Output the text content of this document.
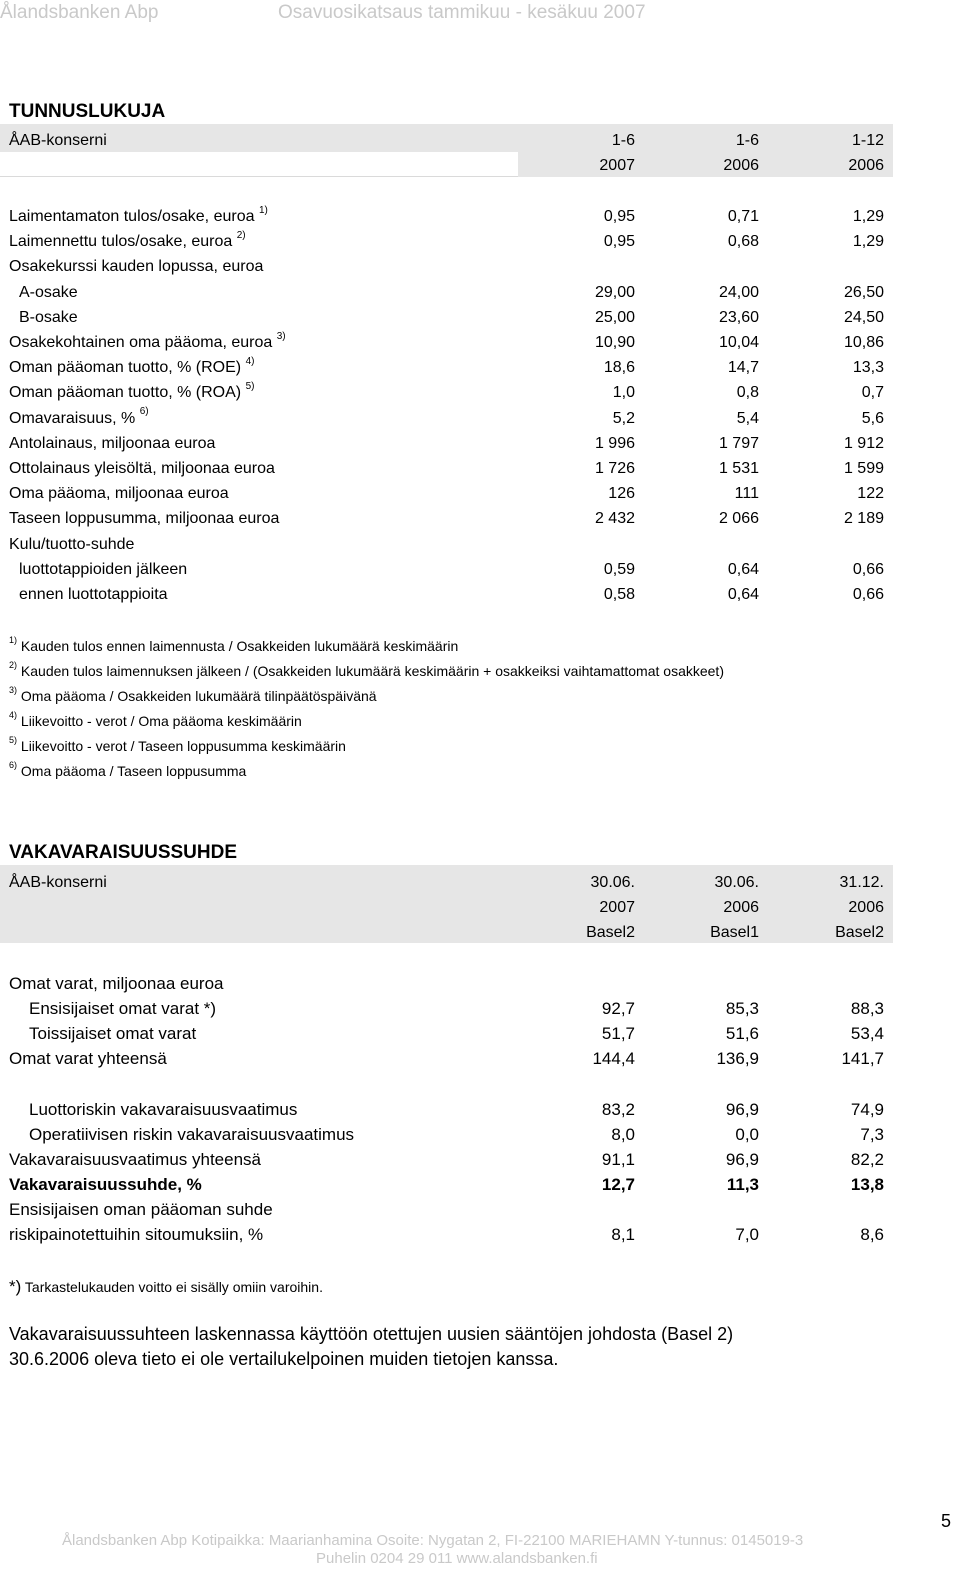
Ålandsbanken Abp	Osavuosikatsaus tammikuu - kesäkuu 2007
TUNNUSLUKUJA
ÅAB-konserni	1-6	1-6	1-12
2007	2006	2006
Laimentamaton tulos/osake, euroa $^{1)}$	0,95	0,71	1,29
Laimennettu tulos/osake, euroa $^{2)}$	0,95	0,68	1,29
Osakekurssi kauden lopussa, euroa
A-osake	29,00	24,00	26,50
B-osake	25,00	23,60	24,50
Osakekohtainen oma pääoma, euroa $^{3)}$	10,90	10,04	10,86
Oman pääoman tuotto, % (ROE) $^{4)}$	18,6	14,7	13,3
Oman pääoman tuotto, % (ROA) $^{5)}$	1,0	0,8	0,7
Omavaraisuus, % $^{6)}$	5,2	5,4	5,6
Antolainaus, miljoonaa euroa	1 996	1 797	1 912
Ottolainaus yleisöltä, miljoonaa euroa	1 726	1 531	1 599
Oma pääoma, miljoonaa euroa	126	111	122
Taseen loppusumma, miljoonaa euroa	2 432	2 066	2 189
Kulu/tuotto-suhde
luottotappioiden jälkeen	0,59	0,64	0,66
ennen luottotappioita	0,58	0,64	0,66
$^{1)}$ Kauden tulos ennen laimennusta / Osakkeiden lukumäärä keskimäärin
$^{2)}$ Kauden tulos laimennuksen jälkeen / (Osakkeiden lukumäärä keskimäärin + osakkeiksi vaihtamattomat osakkeet)
$^{3)}$ Oma pääoma / Osakkeiden lukumäärä tilinpäätöspäivänä
$^{4)}$ Liikevoitto - verot / Oma pääoma keskimäärin
$^{5)}$ Liikevoitto - verot / Taseen loppusumma keskimäärin
$^{6)}$ Oma pääoma / Taseen loppusumma
VAKAVARAISUUSSUHDE
ÅAB-konserni	30.06.	30.06.	31.12.
2007	2006	2006
Basel2	Basel1	Basel2
Omat varat, miljoonaa euroa
Ensisijaiset omat varat *)	92,7	85,3	88,3
Toissijaiset omat varat	51,7	51,6	53,4
Omat varat yhteensä	144,4	136,9	141,7
Luottoriskin vakavaraisuusvaatimus	83,2	96,9	74,9
Operatiivisen riskin vakavaraisuusvaatimus	8,0	0,0	7,3
Vakavaraisuusvaatimus yhteensä	91,1	96,9	82,2
Vakavaraisuussuhde, %	12,7	11,3	13,8
Ensisijaisen oman pääoman suhde
riskipainotettuihin sitoumuksiin, %	8,1	7,0	8,6
*) Tarkastelukauden voitto ei sisälly omiin varoihin.
Vakavaraisuussuhteen laskennassa käyttöön otettujen uusien sääntöjen johdosta (Basel 2)
30.6.2006 oleva tieto ei ole vertailukelpoinen muiden tietojen kanssa.
5
Ålandsbanken Abp Kotipaikka: Maarianhamina Osoite: Nygatan 2, FI-22100 MARIEHAMN Y-tunnus: 0145019-3
Puhelin 0204 29 011 www.alandsbanken.fi
